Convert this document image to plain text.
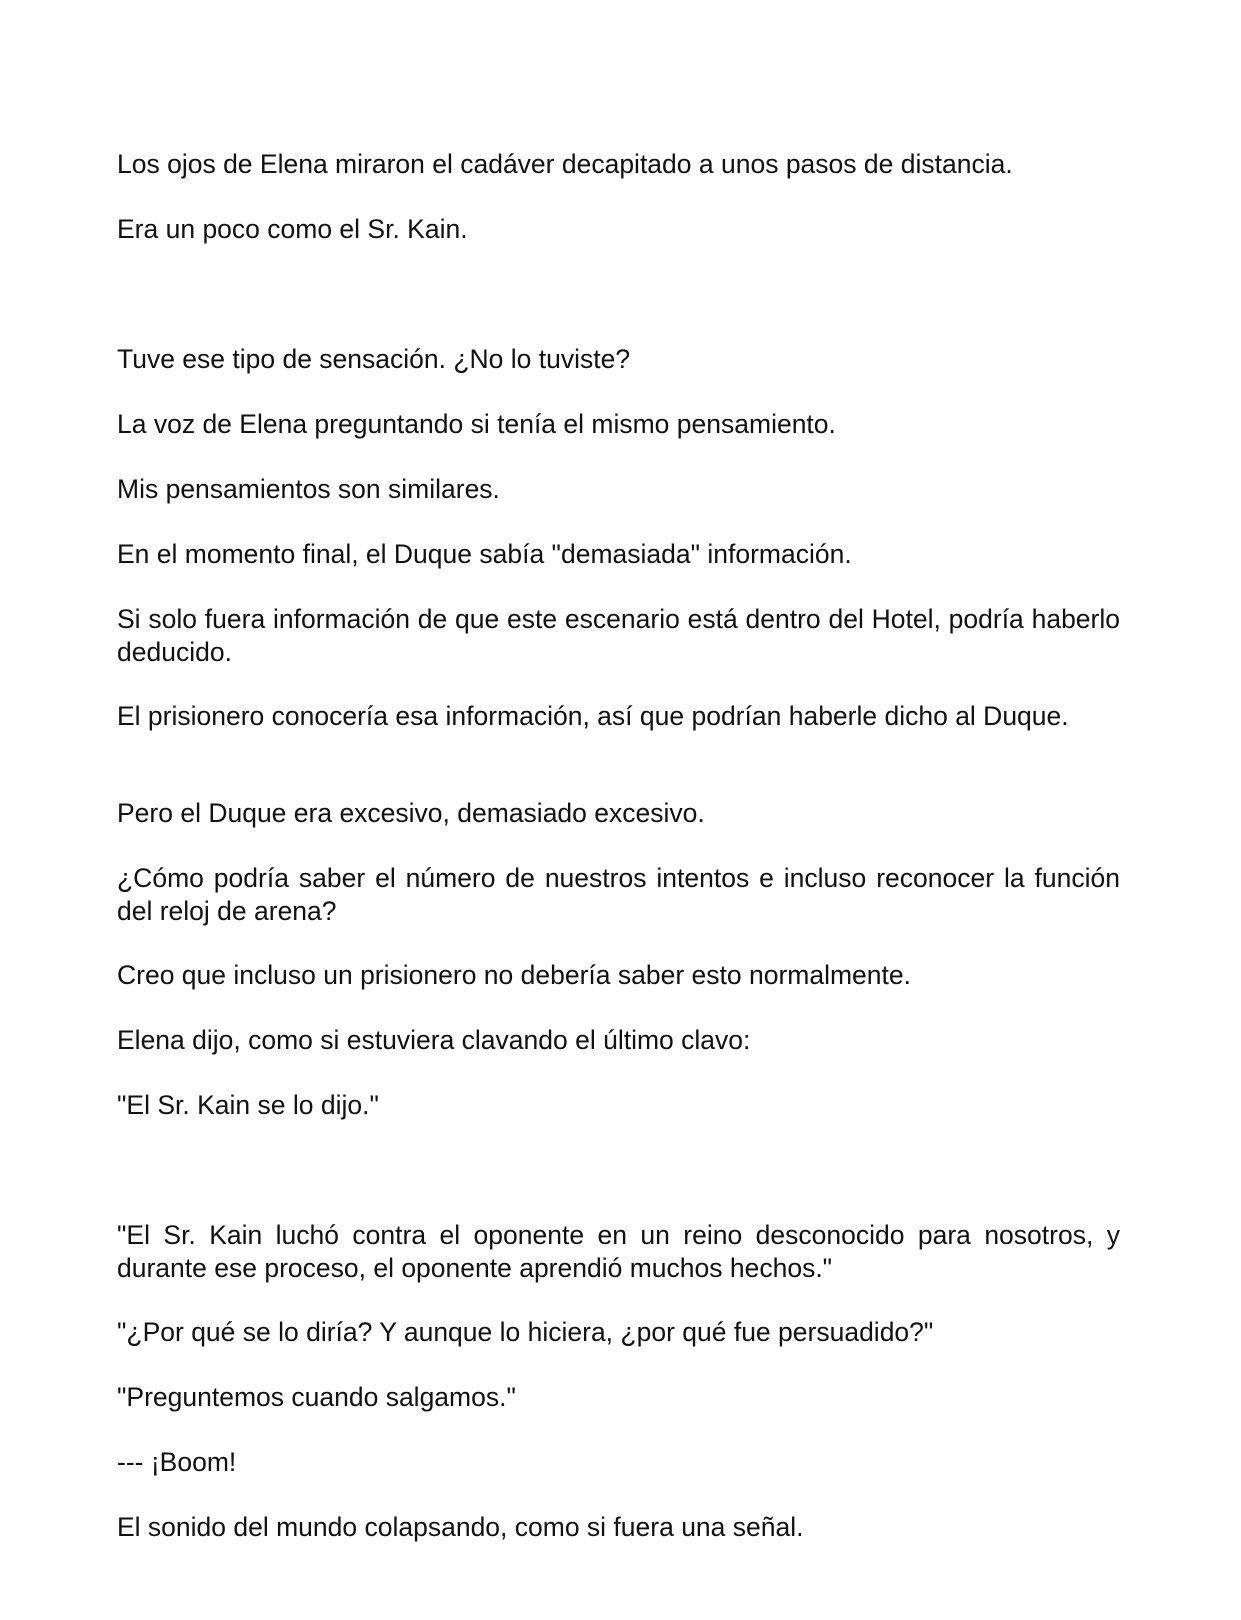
Los ojos de Elena miraron el cadáver decapitado a unos pasos de distancia.

Era un poco como el Sr. Kain.

Tuve ese tipo de sensación. ¿No lo tuviste?

La voz de Elena preguntando si tenía el mismo pensamiento.

Mis pensamientos son similares.

En el momento final, el Duque sabía "demasiada" información.

Si solo fuera información de que este escenario está dentro del Hotel, podría haberlo deducido.

El prisionero conocería esa información, así que podrían haberle dicho al Duque.

Pero el Duque era excesivo, demasiado excesivo.

¿Cómo podría saber el número de nuestros intentos e incluso reconocer la función del reloj de arena?

Creo que incluso un prisionero no debería saber esto normalmente.

Elena dijo, como si estuviera clavando el último clavo:

"El Sr. Kain se lo dijo."

"El Sr. Kain luchó contra el oponente en un reino desconocido para nosotros, y durante ese proceso, el oponente aprendió muchos hechos."

"¿Por qué se lo diría? Y aunque lo hiciera, ¿por qué fue persuadido?"

"Preguntemos cuando salgamos."

--- ¡Boom!

El sonido del mundo colapsando, como si fuera una señal.
